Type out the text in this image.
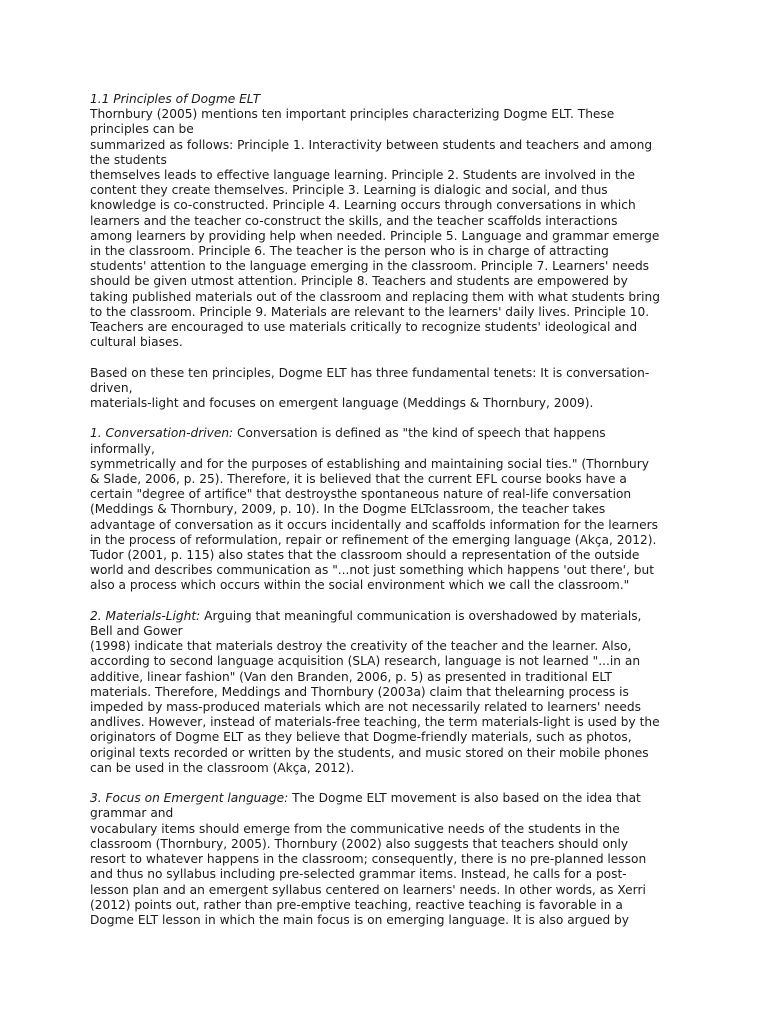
1.1 Principles of Dogme ELT
Thornbury (2005) mentions ten important principles characterizing Dogme ELT. These
principles can be
summarized as follows: Principle 1. Interactivity between students and teachers and among
the students
themselves leads to effective language learning. Principle 2. Students are involved in the
content they create themselves. Principle 3. Learning is dialogic and social, and thus
knowledge is co-constructed. Principle 4. Learning occurs through conversations in which
learners and the teacher co-construct the skills, and the teacher scaffolds interactions
among learners by providing help when needed. Principle 5. Language and grammar emerge
in the classroom. Principle 6. The teacher is the person who is in charge of attracting
students' attention to the language emerging in the classroom. Principle 7. Learners' needs
should be given utmost attention. Principle 8. Teachers and students are empowered by
taking published materials out of the classroom and replacing them with what students bring
to the classroom. Principle 9. Materials are relevant to the learners' daily lives. Principle 10.
Teachers are encouraged to use materials critically to recognize students' ideological and
cultural biases.
Based on these ten principles, Dogme ELT has three fundamental tenets: It is conversation-
driven,
materials-light and focuses on emergent language (Meddings & Thornbury, 2009).
1. Conversation-driven: Conversation is defined as "the kind of speech that happens
informally,
symmetrically and for the purposes of establishing and maintaining social ties." (Thornbury
& Slade, 2006, p. 25). Therefore, it is believed that the current EFL course books have a
certain "degree of artifice" that destroysthe spontaneous nature of real-life conversation
(Meddings & Thornbury, 2009, p. 10). In the Dogme ELTclassroom, the teacher takes
advantage of conversation as it occurs incidentally and scaffolds information for the learners
in the process of reformulation, repair or refinement of the emerging language (Akça, 2012).
Tudor (2001, p. 115) also states that the classroom should a representation of the outside
world and describes communication as "...not just something which happens 'out there', but
also a process which occurs within the social environment which we call the classroom."
2. Materials-Light: Arguing that meaningful communication is overshadowed by materials,
Bell and Gower
(1998) indicate that materials destroy the creativity of the teacher and the learner. Also,
according to second language acquisition (SLA) research, language is not learned "...in an
additive, linear fashion" (Van den Branden, 2006, p. 5) as presented in traditional ELT
materials. Therefore, Meddings and Thornbury (2003a) claim that thelearning process is
impeded by mass-produced materials which are not necessarily related to learners' needs
andlives. However, instead of materials-free teaching, the term materials-light is used by the
originators of Dogme ELT as they believe that Dogme-friendly materials, such as photos,
original texts recorded or written by the students, and music stored on their mobile phones
can be used in the classroom (Akça, 2012).
3. Focus on Emergent language: The Dogme ELT movement is also based on the idea that
grammar and
vocabulary items should emerge from the communicative needs of the students in the
classroom (Thornbury, 2005). Thornbury (2002) also suggests that teachers should only
resort to whatever happens in the classroom; consequently, there is no pre-planned lesson
and thus no syllabus including pre-selected grammar items. Instead, he calls for a post-
lesson plan and an emergent syllabus centered on learners' needs. In other words, as Xerri
(2012) points out, rather than pre-emptive teaching, reactive teaching is favorable in a
Dogme ELT lesson in which the main focus is on emerging language. It is also argued by
